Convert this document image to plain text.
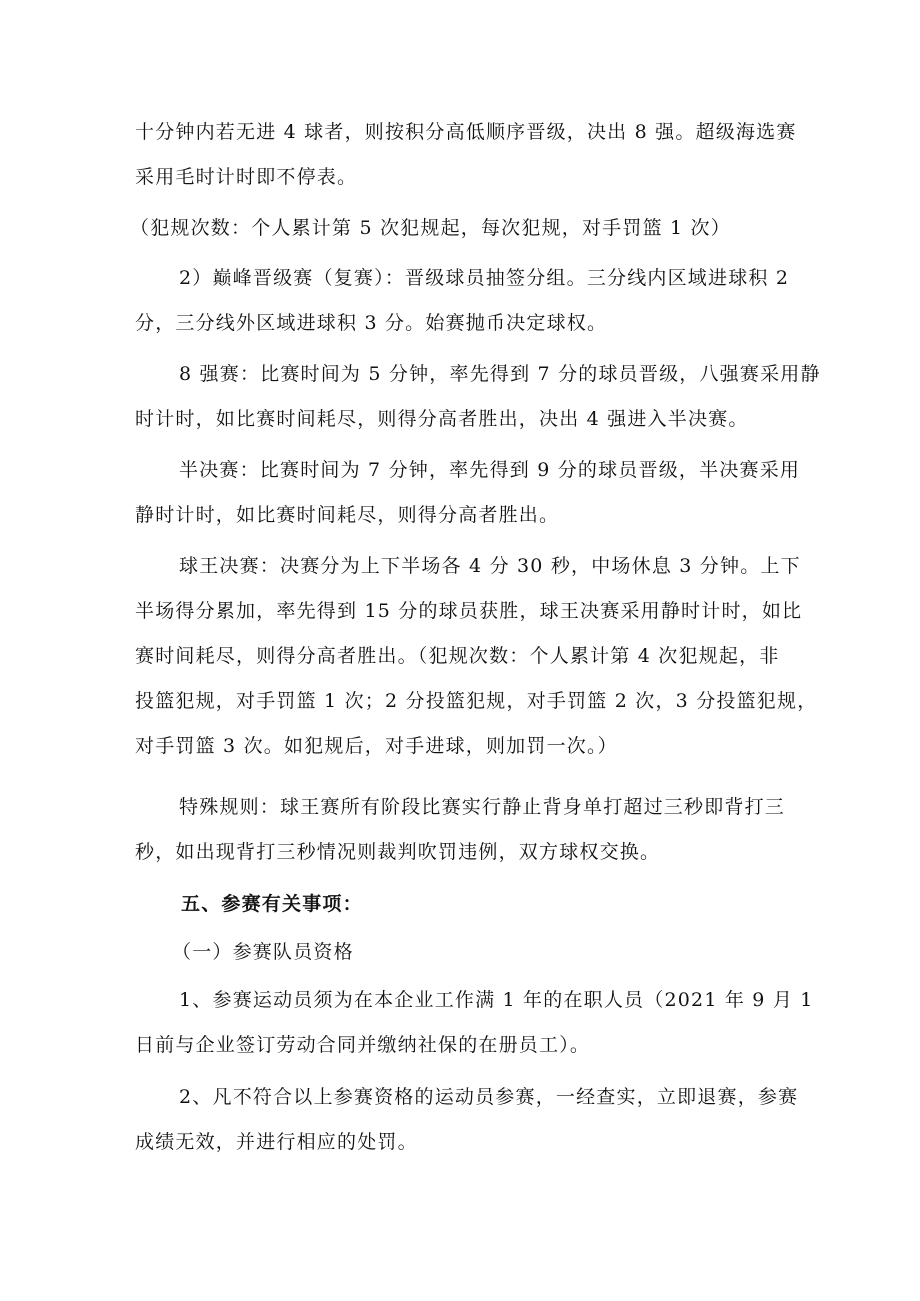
十分钟内若无进 4 球者，则按积分高低顺序晋级，决出 8 强。超级海选赛
采用毛时计时即不停表。

（犯规次数：个人累计第 5 次犯规起，每次犯规，对手罚篮 1 次）

2）巅峰晋级赛（复赛）：晋级球员抽签分组。三分线内区域进球积 2
分，三分线外区域进球积 3 分。始赛抛币决定球权。

8 强赛：比赛时间为 5 分钟，率先得到 7 分的球员晋级，八强赛采用静
时计时，如比赛时间耗尽，则得分高者胜出，决出 4 强进入半决赛。

半决赛：比赛时间为 7 分钟，率先得到 9 分的球员晋级，半决赛采用
静时计时，如比赛时间耗尽，则得分高者胜出。

球王决赛：决赛分为上下半场各 4 分 30 秒，中场休息 3 分钟。上下
半场得分累加，率先得到 15 分的球员获胜，球王决赛采用静时计时，如比
赛时间耗尽，则得分高者胜出。（犯规次数：个人累计第 4 次犯规起，非
投篮犯规，对手罚篮 1 次；2 分投篮犯规，对手罚篮 2 次，3 分投篮犯规，
对手罚篮 3 次。如犯规后，对手进球，则加罚一次。）

特殊规则：球王赛所有阶段比赛实行静止背身单打超过三秒即背打三
秒，如出现背打三秒情况则裁判吹罚违例，双方球权交换。

五、参赛有关事项：

（一）参赛队员资格

1、参赛运动员须为在本企业工作满 1 年的在职人员（2021 年 9 月 1
日前与企业签订劳动合同并缴纳社保的在册员工）。

2、凡不符合以上参赛资格的运动员参赛，一经查实，立即退赛，参赛
成绩无效，并进行相应的处罚。
